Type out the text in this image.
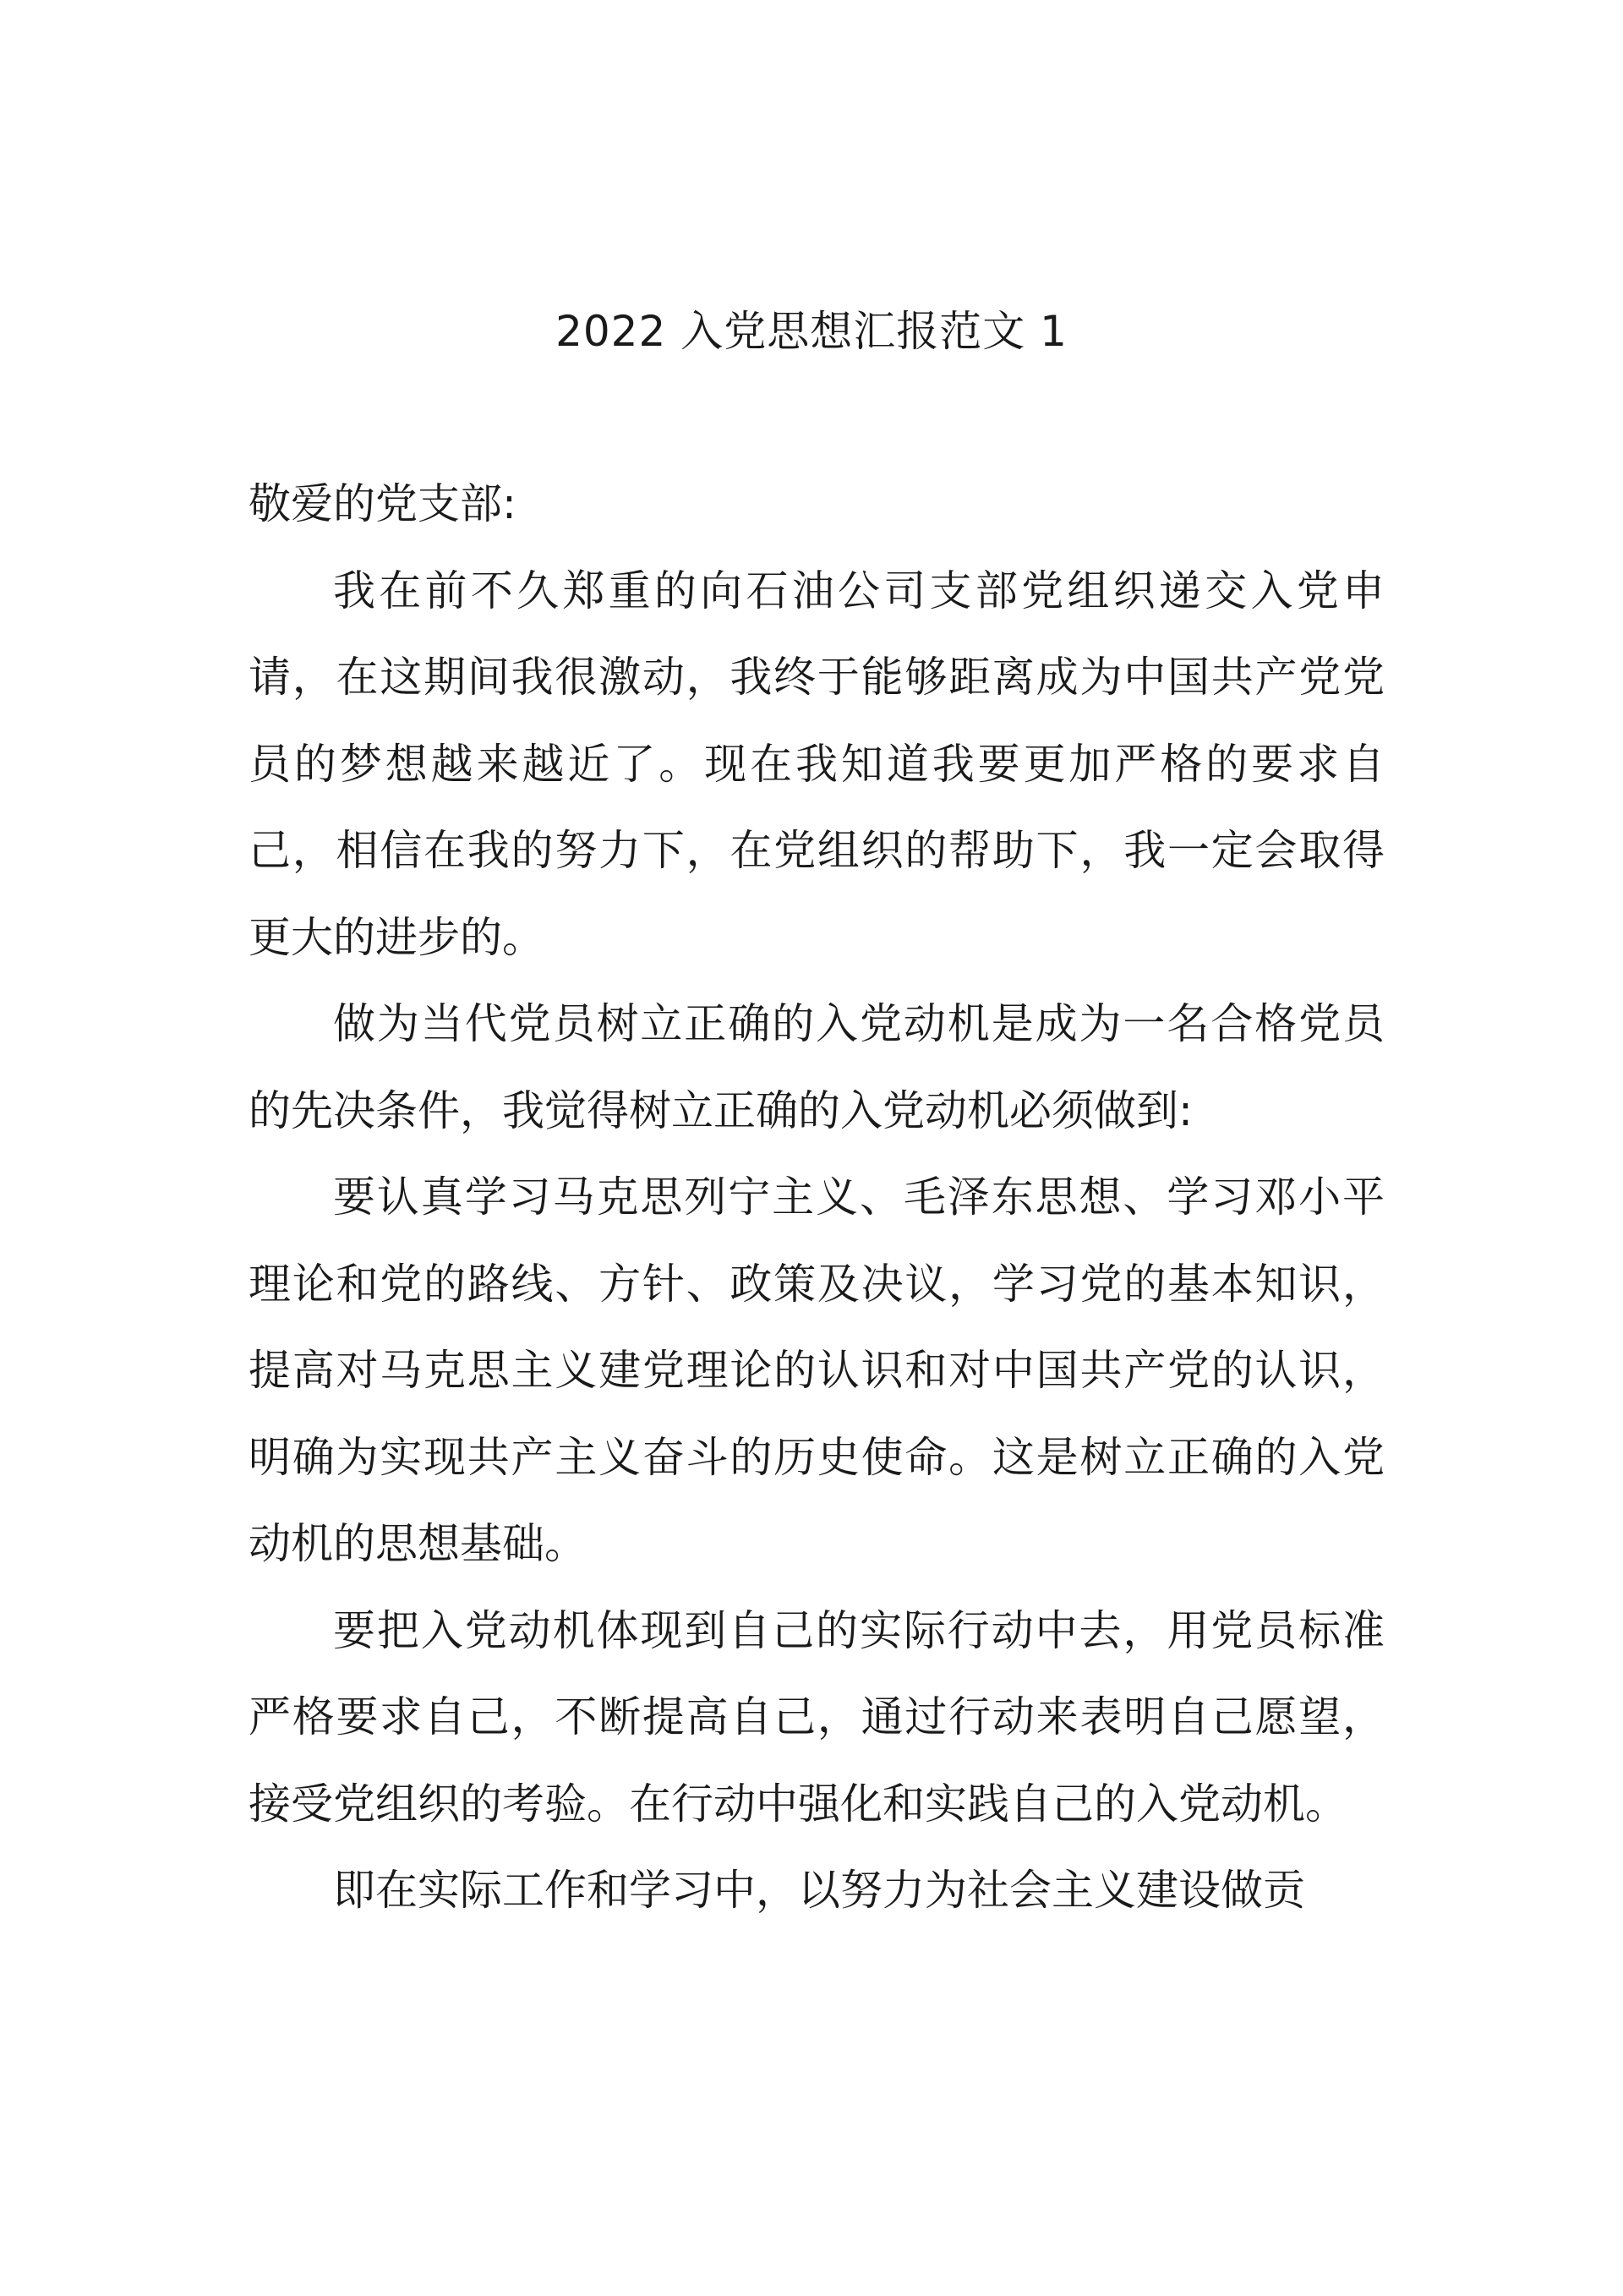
2022 入党思想汇报范文 1

敬爱的党支部:

我在前不久郑重的向石油公司支部党组织递交入党申请，在这期间我很激动，我终于能够距离成为中国共产党党员的梦想越来越近了。现在我知道我要更加严格的要求自己，相信在我的努力下，在党组织的帮助下，我一定会取得更大的进步的。

做为当代党员树立正确的入党动机是成为一名合格党员的先决条件，我觉得树立正确的入党动机必须做到:

要认真学习马克思列宁主义、毛泽东思想、学习邓小平理论和党的路线、方针、政策及决议，学习党的基本知识，提高对马克思主义建党理论的认识和对中国共产党的认识，明确为实现共产主义奋斗的历史使命。这是树立正确的入党动机的思想基础。

要把入党动机体现到自己的实际行动中去，用党员标准严格要求自己，不断提高自己，通过行动来表明自己愿望，接受党组织的考验。在行动中强化和实践自己的入党动机。

即在实际工作和学习中，以努力为社会主义建设做贡
